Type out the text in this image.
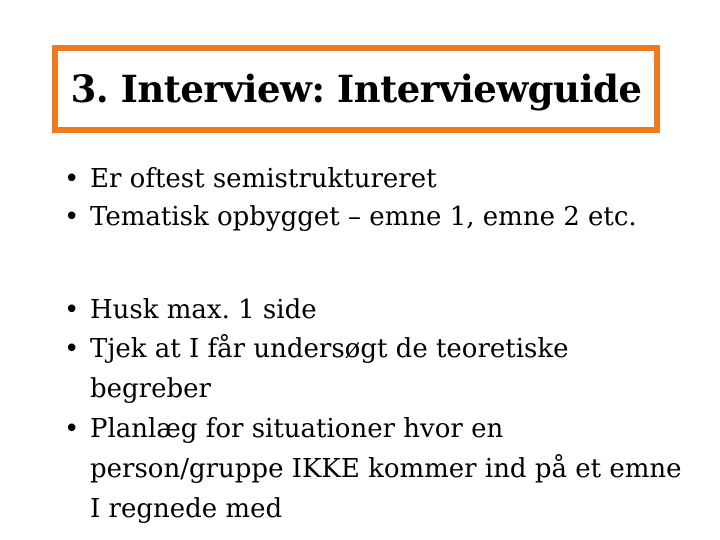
3. Interview: Interviewguide
• Er oftest semistruktureret
• Tematisk opbygget – emne 1, emne 2 etc.
• Husk max. 1 side
• Tjek at I får undersøgt de teoretiske begreber
• Planlæg for situationer hvor en person/gruppe IKKE kommer ind på et emne I regnede med
